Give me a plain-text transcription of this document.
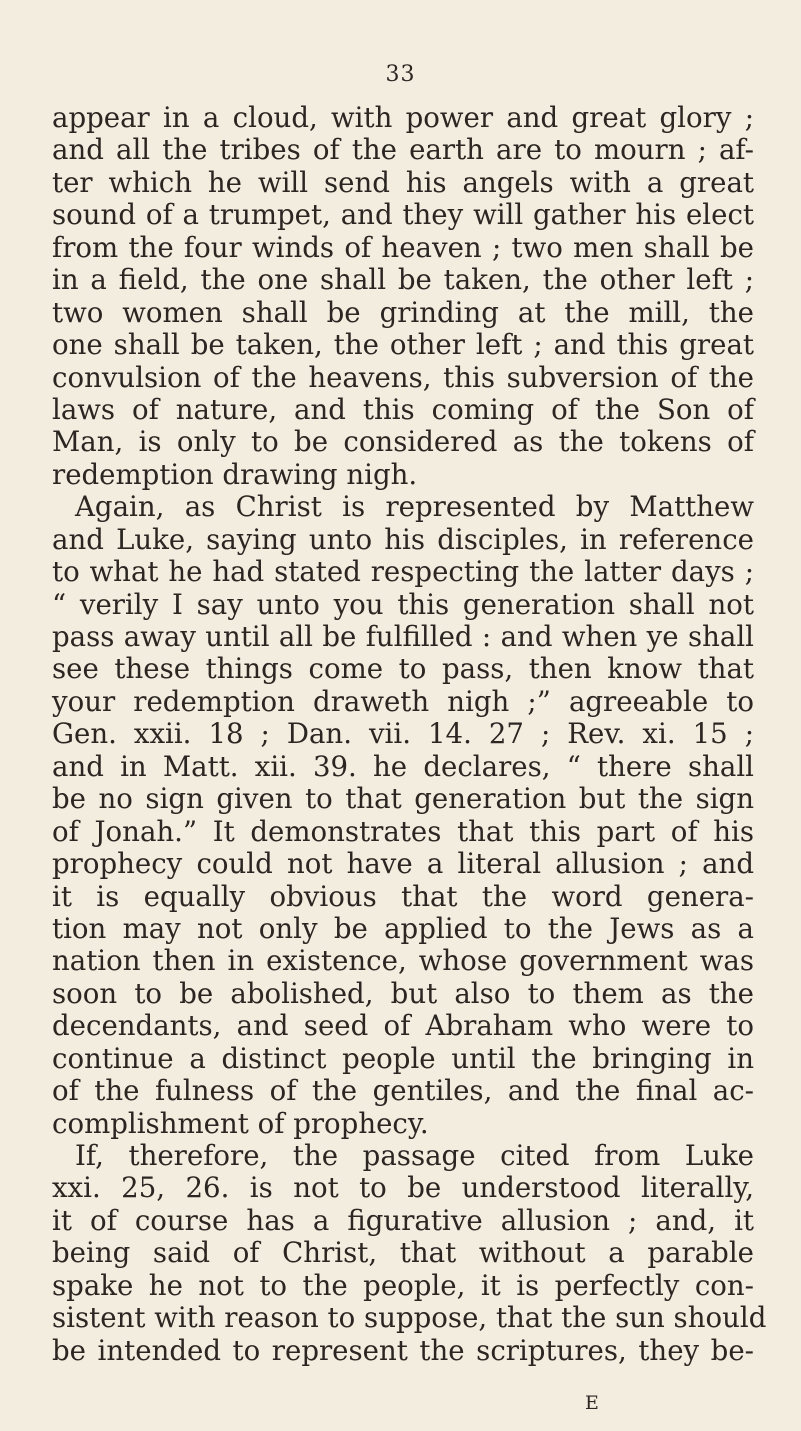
33
appear in a cloud, with power and great glory ;
and all the tribes of the earth are to mourn ; af-
ter which he will send his angels with a great
sound of a trumpet, and they will gather his elect
from the four winds of heaven ; two men shall be
in a field, the one shall be taken, the other left ;
two women shall be grinding at the mill, the
one shall be taken, the other left ; and this great
convulsion of the heavens, this subversion of the
laws of nature, and this coming of the Son of
Man, is only to be considered as the tokens of
redemption drawing nigh.
Again, as Christ is represented by Matthew
and Luke, saying unto his disciples, in reference
to what he had stated respecting the latter days ;
“ verily I say unto you this generation shall not
pass away until all be fulfilled : and when ye shall
see these things come to pass, then know that
your redemption draweth nigh ;” agreeable to
Gen. xxii. 18 ; Dan. vii. 14. 27 ; Rev. xi. 15 ;
and in Matt. xii. 39. he declares, “ there shall
be no sign given to that generation but the sign
of Jonah.” It demonstrates that this part of his
prophecy could not have a literal allusion ; and
it is equally obvious that the word genera-
tion may not only be applied to the Jews as a
nation then in existence, whose government was
soon to be abolished, but also to them as the
decendants, and seed of Abraham who were to
continue a distinct people until the bringing in
of the fulness of the gentiles, and the final ac-
complishment of prophecy.
If, therefore, the passage cited from Luke
xxi. 25, 26. is not to be understood literally,
it of course has a figurative allusion ; and, it
being said of Christ, that without a parable
spake he not to the people, it is perfectly con-
sistent with reason to suppose, that the sun should
be intended to represent the scriptures, they be-
E
